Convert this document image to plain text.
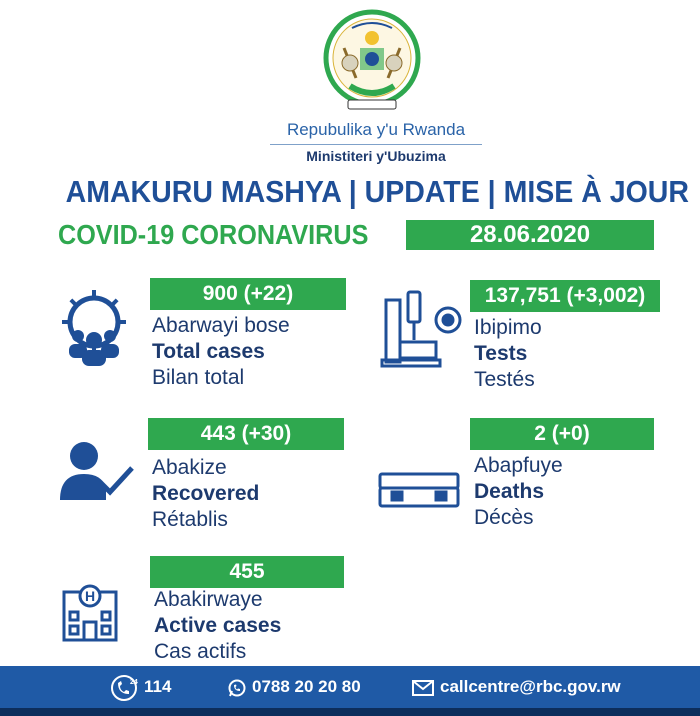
Repubulika y'u Rwanda
Ministiteri y'Ubuzima
AMAKURU MASHYA | UPDATE | MISE À JOUR
COVID-19 CORONAVIRUS	28.06.2020
900 (+22)
Abarwayi bose
Total cases
Bilan total
137,751 (+3,002)
Ibipimo
Tests
Testés
443 (+30)
Abakize
Recovered
Rétablis
2 (+0)
Abapfuye
Deaths
Décès
H
455
Abakirwaye
Active cases
Cas actifs
24 114	0788 20 20 80	callcentre@rbc.gov.rw
